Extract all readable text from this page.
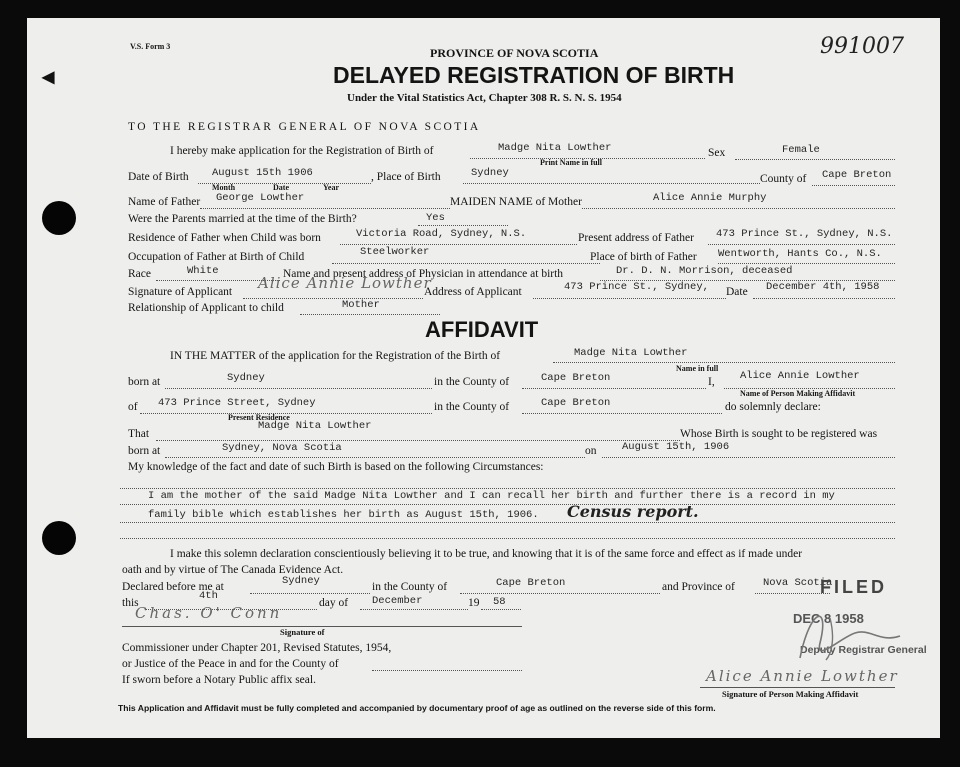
◀
V.S. Form 3	991007
PROVINCE OF NOVA SCOTIA
DELAYED REGISTRATION OF BIRTH
Under the Vital Statistics Act, Chapter 308 R. S. N. S. 1954
TO THE REGISTRAR GENERAL OF NOVA SCOTIA
I hereby make application for the Registration of Birth of	Madge Nita Lowther
Print Name in full
Sex	Female
Date of Birth August 15th 1906
Month	Date	Year
, Place of Birth	Sydney	County of Cape Breton
Name of Father George Lowther	MAIDEN NAME of Mother	Alice Annie Murphy
Were the Parents married at the time of the Birth?	Yes
Residence of Father when Child was born	Victoria Road, Sydney, N.S.	Present address of Father 473 Prince St., Sydney, N.S.
Occupation of Father at Birth of Child	Steelworker	Place of birth of Father Wentworth, Hants Co., N.S.
Race	White	Name and present address of Physician in attendance at birth	Dr. D. N. Morrison, deceased
Signature of Applicant Alice Annie Lowther
Address of Applicant	473 Prince St., Sydney, Date December 4th, 1958
Relationship of Applicant to child	Mother
AFFIDAVIT
IN THE MATTER of the application for the Registration of the Birth of	Madge Nita Lowther
Name in full
born at	Sydney	in the County of	Cape Breton	I, Alice Annie Lowther
Name of Person Making Affidavit
of 473 Prince Street, Sydney
Present Residence
in the County of	Cape Breton	do solemnly declare:
That
Madge Nita Lowther
Whose Birth is sought to be registered was
born at	Sydney, Nova Scotia	on August 15th, 1906
My knowledge of the fact and date of such Birth is based on the following Circumstances:
I am the mother of the said Madge Nita Lowther and I can recall her birth and further there is a record in my
family bible which establishes her birth as August 15th, 1906. Census report.
I make this solemn declaration conscientiously believing it to be true, and knowing that it is of the same force and effect as if made under
oath and by virtue of The Canada Evidence Act.
Declared before me at	Sydney	in the County of	Cape Breton	and Province of	Nova Scotia
this
4th
day of December	19 58
Chas. O' Conn
Signature of
Commissioner under Chapter 201, Revised Statutes, 1954,
or Justice of the Peace in and for the County of
If sworn before a Notary Public affix seal.
FILED
DEC 8 1958
Deputy Registrar General
Alice Annie Lowther
Signature of Person Making Affidavit
This Application and Affidavit must be fully completed and accompanied by documentary proof of age as outlined on the reverse side of this form.
